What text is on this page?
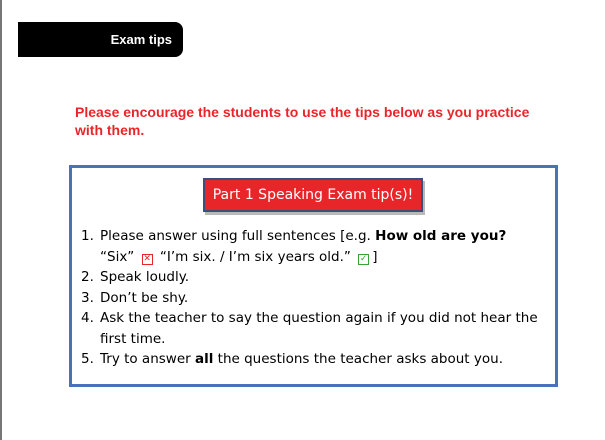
Exam tips
Please encourage the students to use the tips below as you practice with them.
Part 1 Speaking Exam tip(s)!
1. Please answer using full sentences [e.g. How old are you?
“Six” ✕ “I’m six. / I’m six years old.” ✓ ]
2. Speak loudly.
3. Don’t be shy.
4. Ask the teacher to say the question again if you did not hear the first time.
5. Try to answer all the questions the teacher asks about you.
